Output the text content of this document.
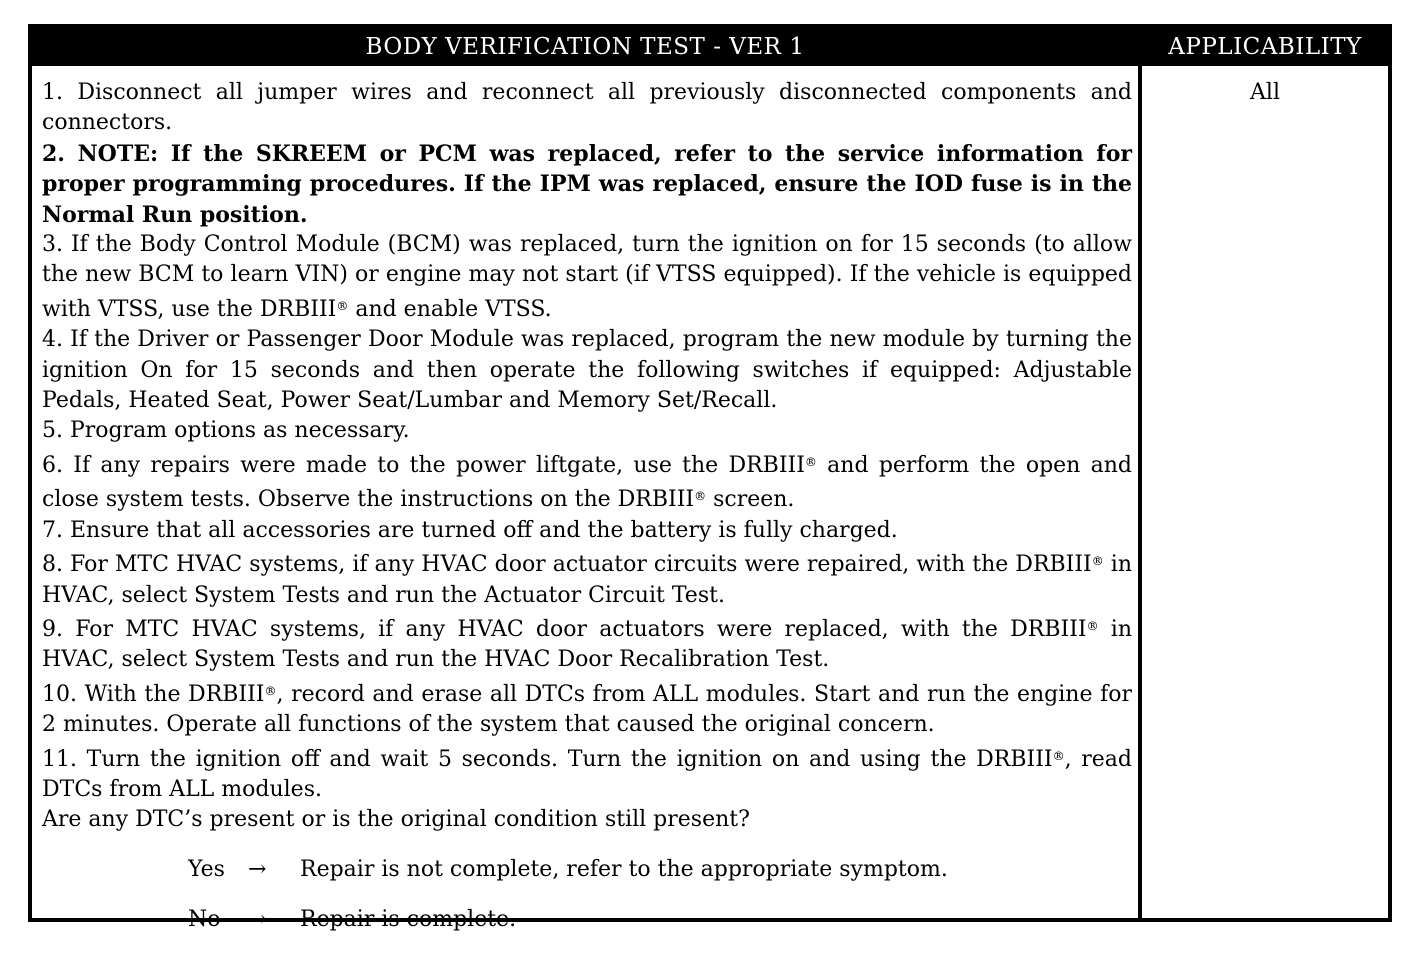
BODY VERIFICATION TEST - VER 1	APPLICABILITY

1. Disconnect all jumper wires and reconnect all previously disconnected components and connectors.

2. NOTE: If the SKREEM or PCM was replaced, refer to the service information for proper programming procedures. If the IPM was replaced, ensure the IOD fuse is in the Normal Run position.

3. If the Body Control Module (BCM) was replaced, turn the ignition on for 15 seconds (to allow the new BCM to learn VIN) or engine may not start (if VTSS equipped). If the vehicle is equipped with VTSS, use the DRBIII® and enable VTSS.

4. If the Driver or Passenger Door Module was replaced, program the new module by turning the ignition On for 15 seconds and then operate the following switches if equipped: Adjustable Pedals, Heated Seat, Power Seat/Lumbar and Memory Set/Recall.

5. Program options as necessary.

6. If any repairs were made to the power liftgate, use the DRBIII® and perform the open and close system tests. Observe the instructions on the DRBIII® screen.

7. Ensure that all accessories are turned off and the battery is fully charged.

8. For MTC HVAC systems, if any HVAC door actuator circuits were repaired, with the DRBIII® in HVAC, select System Tests and run the Actuator Circuit Test.

9. For MTC HVAC systems, if any HVAC door actuators were replaced, with the DRBIII® in HVAC, select System Tests and run the HVAC Door Recalibration Test.

10. With the DRBIII®, record and erase all DTCs from ALL modules. Start and run the engine for 2 minutes. Operate all functions of the system that caused the original concern.

11. Turn the ignition off and wait 5 seconds. Turn the ignition on and using the DRBIII®, read DTCs from ALL modules.

Are any DTC’s present or is the original condition still present?

Yes	→	Repair is not complete, refer to the appropriate symptom.
No	→	Repair is complete.
All
